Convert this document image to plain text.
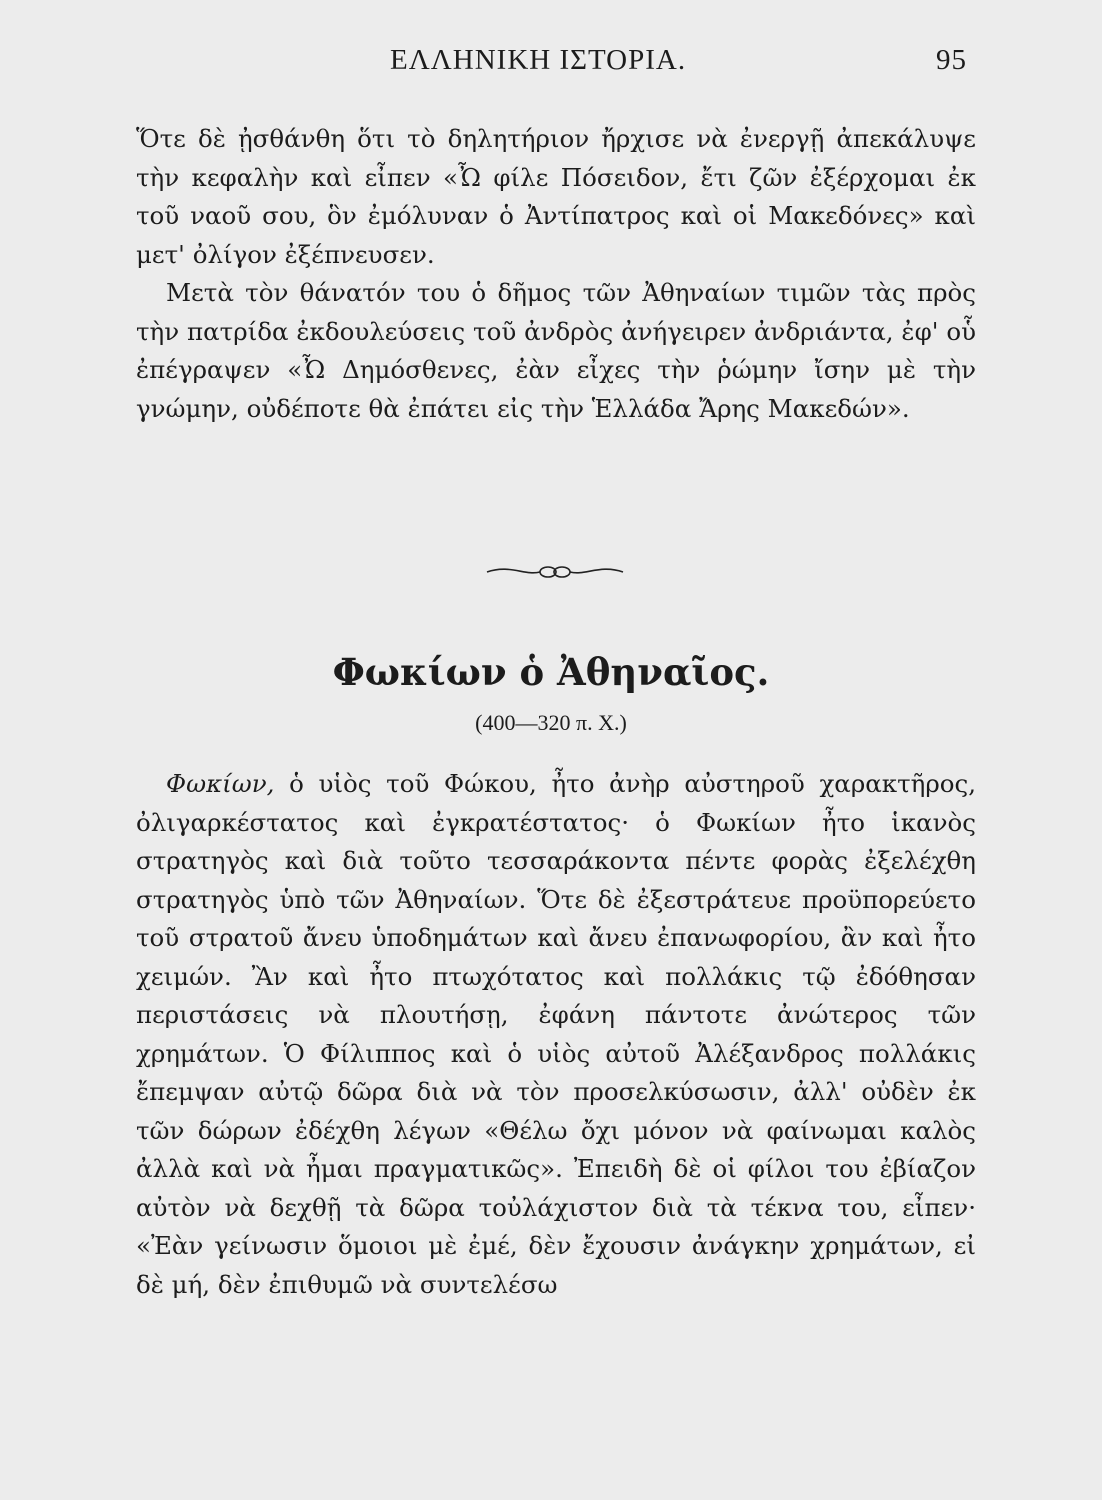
ΕΛΛΗΝΙΚΗ ΙΣΤΟΡΙΑ.	95

Ὅτε δὲ ᾐσθάνθη ὅτι τὸ δηλητήριον ἤρχισε νὰ ἐνεργῇ ἀπεκάλυψε τὴν κεφαλὴν καὶ εἶπεν «Ὦ φίλε Πόσειδον, ἔτι ζῶν ἐξέρχομαι ἐκ τοῦ ναοῦ σου, ὃν ἐμόλυναν ὁ Ἀντίπατρος καὶ οἱ Μακεδόνες» καὶ μετ' ὀλίγον ἐξέπνευσεν.

Μετὰ τὸν θάνατόν του ὁ δῆμος τῶν Ἀθηναίων τιμῶν τὰς πρὸς τὴν πατρίδα ἐκδουλεύσεις τοῦ ἀνδρὸς ἀνήγειρεν ἀνδριάντα, ἐφ' οὗ ἐπέγραψεν «Ὦ Δημόσθενες, ἐὰν εἶχες τὴν ῥώμην ἴσην μὲ τὴν γνώμην, οὐδέποτε θὰ ἐπάτει εἰς τὴν Ἑλλάδα Ἄρης Μακεδών».

Φωκίων ὁ Ἀθηναῖος.
(400—320 π. Χ.)

Φωκίων, ὁ υἱὸς τοῦ Φώκου, ἦτο ἀνὴρ αὐστηροῦ χαρακτῆρος, ὀλιγαρκέστατος καὶ ἐγκρατέστατος· ὁ Φωκίων ἦτο ἱκανὸς στρατηγὸς καὶ διὰ τοῦτο τεσσαράκοντα πέντε φορὰς ἐξελέχθη στρατηγὸς ὑπὸ τῶν Ἀθηναίων. Ὅτε δὲ ἐξεστράτευε προϋπορεύετο τοῦ στρατοῦ ἄνευ ὑποδημάτων καὶ ἄνευ ἐπανωφορίου, ἂν καὶ ἦτο χειμών. Ἂν καὶ ἦτο πτωχότατος καὶ πολλάκις τῷ ἐδόθησαν περιστάσεις νὰ πλουτήσῃ, ἐφάνη πάντοτε ἀνώτερος τῶν χρημάτων. Ὁ Φίλιππος καὶ ὁ υἱὸς αὐτοῦ Ἀλέξανδρος πολλάκις ἔπεμψαν αὐτῷ δῶρα διὰ νὰ τὸν προσελκύσωσιν, ἀλλ' οὐδὲν ἐκ τῶν δώρων ἐδέχθη λέγων «Θέλω ὄχι μόνον νὰ φαίνωμαι καλὸς ἀλλὰ καὶ νὰ ἦμαι πραγματικῶς». Ἐπειδὴ δὲ οἱ φίλοι του ἐβίαζον αὐτὸν νὰ δεχθῇ τὰ δῶρα τοὐλάχιστον διὰ τὰ τέκνα του, εἶπεν· «Ἐὰν γείνωσιν ὅμοιοι μὲ ἐμέ, δὲν ἔχουσιν ἀνάγκην χρημάτων, εἰ δὲ μή, δὲν ἐπιθυμῶ νὰ συντελέσω
